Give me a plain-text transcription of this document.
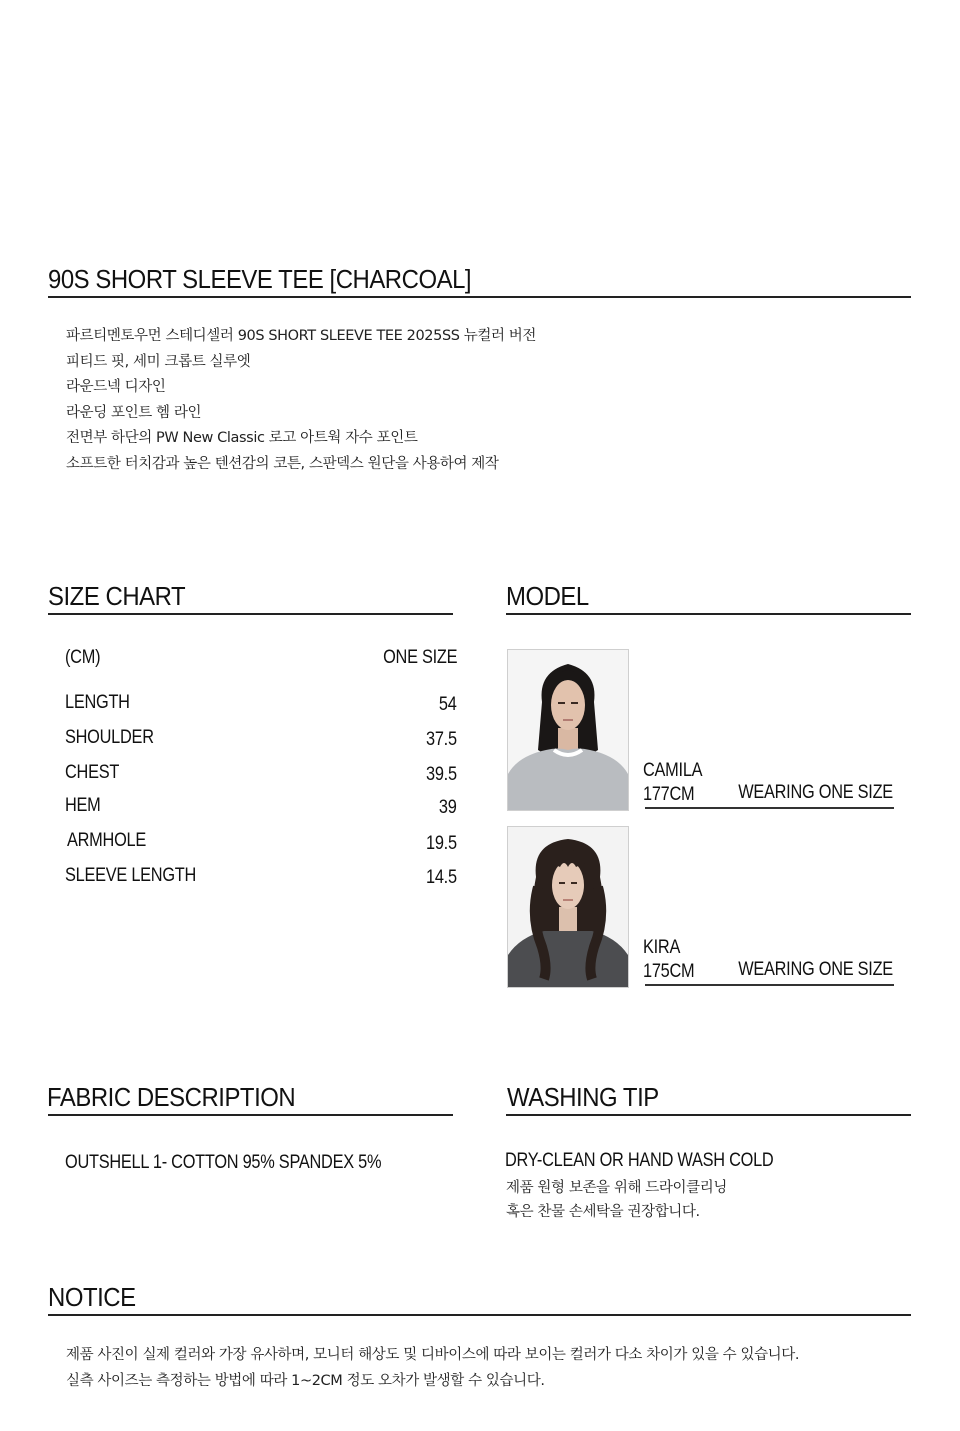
90S SHORT SLEEVE TEE [CHARCOAL]
파르티멘토우먼 스테디셀러 90S SHORT SLEEVE TEE 2025SS 뉴컬러 버전
피티드 핏, 세미 크롭트 실루엣
라운드넥 디자인
라운딩 포인트 헴 라인
전면부 하단의 PW New Classic 로고 아트웍 자수 포인트
소프트한 터치감과 높은 텐션감의 코튼, 스판덱스 원단을 사용하여 제작
SIZE CHART
(CM)	ONE SIZE
LENGTH	54
SHOULDER	37.5
CHEST	39.5
HEM	39
ARMHOLE	19.5
SLEEVE LENGTH	14.5
MODEL
CAMILA
177CM WEARING ONE SIZE
KIRA
175CM WEARING ONE SIZE
FABRIC DESCRIPTION
OUTSHELL 1- COTTON 95% SPANDEX 5%
WASHING TIP
DRY-CLEAN OR HAND WASH COLD
제품 원형 보존을 위해 드라이클리닝
혹은 찬물 손세탁을 권장합니다.
NOTICE
제품 사진이 실제 컬러와 가장 유사하며, 모니터 해상도 및 디바이스에 따라 보이는 컬러가 다소 차이가 있을 수 있습니다.
실측 사이즈는 측정하는 방법에 따라 1~2CM 정도 오차가 발생할 수 있습니다.
